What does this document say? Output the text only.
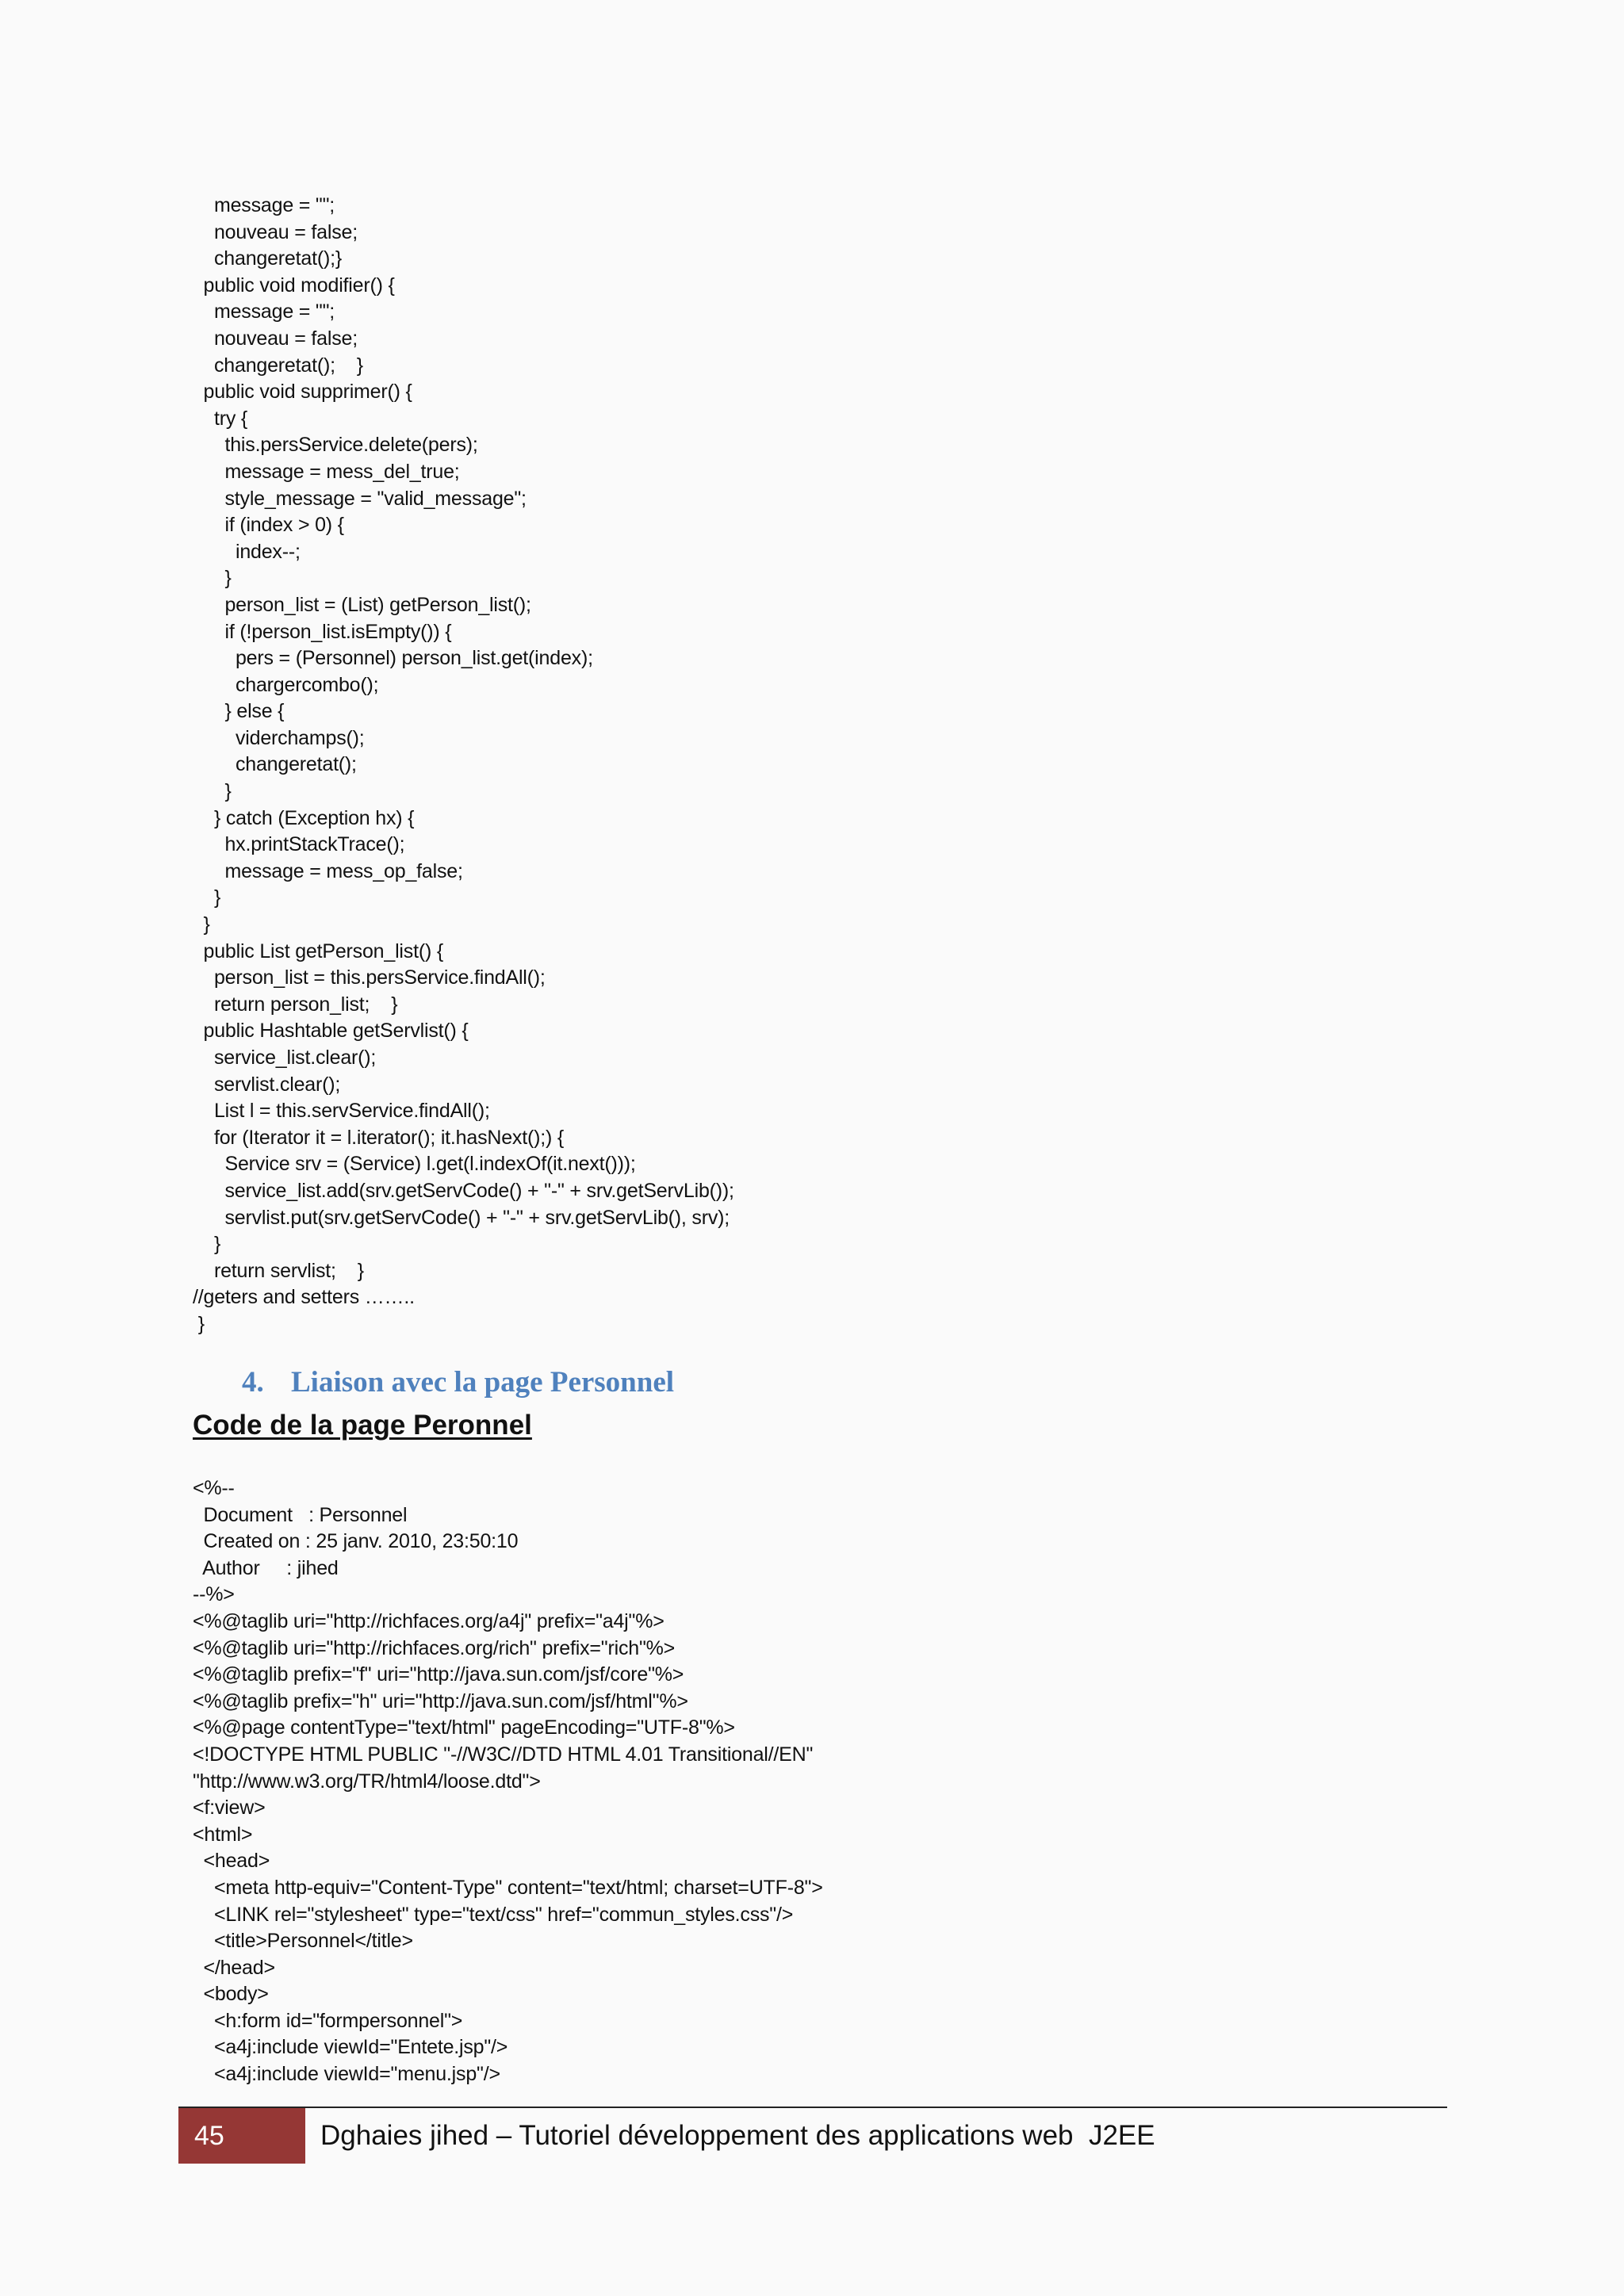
message = "";
nouveau = false;
changeretat();}
public void modifier() {
message = "";
nouveau = false;
changeretat();    }
public void supprimer() {
try {
this.persService.delete(pers);
message = mess_del_true;
style_message = "valid_message";
if (index > 0) {
index--;
}
person_list = (List) getPerson_list();
if (!person_list.isEmpty()) {
pers = (Personnel) person_list.get(index);
chargercombo();
} else {
viderchamps();
changeretat();
}
} catch (Exception hx) {
hx.printStackTrace();
message = mess_op_false;
}
}
public List getPerson_list() {
person_list = this.persService.findAll();
return person_list;    }
public Hashtable getServlist() {
service_list.clear();
servlist.clear();
List l = this.servService.findAll();
for (Iterator it = l.iterator(); it.hasNext();) {
Service srv = (Service) l.get(l.indexOf(it.next()));
service_list.add(srv.getServCode() + "-" + srv.getServLib());
servlist.put(srv.getServCode() + "-" + srv.getServLib(), srv);
}
return servlist;    }
//geters and setters ……..
}
4. Liaison avec la page Personnel
Code de la page Peronnel
<%--
Document   : Personnel
Created on : 25 janv. 2010, 23:50:10
Author     : jihed
--%>
<%@taglib uri="http://richfaces.org/a4j" prefix="a4j"%>
<%@taglib uri="http://richfaces.org/rich" prefix="rich"%>
<%@taglib prefix="f" uri="http://java.sun.com/jsf/core"%>
<%@taglib prefix="h" uri="http://java.sun.com/jsf/html"%>
<%@page contentType="text/html" pageEncoding="UTF-8"%>
<!DOCTYPE HTML PUBLIC "-//W3C//DTD HTML 4.01 Transitional//EN"
"http://www.w3.org/TR/html4/loose.dtd">
<f:view>
<html>
<head>
<meta http-equiv="Content-Type" content="text/html; charset=UTF-8">
<LINK rel="stylesheet" type="text/css" href="commun_styles.css"/>
<title>Personnel</title>
</head>
<body>
<h:form id="formpersonnel">
<a4j:include viewId="Entete.jsp"/>
<a4j:include viewId="menu.jsp"/>
45	Dghaies jihed – Tutoriel développement des applications web  J2EE
